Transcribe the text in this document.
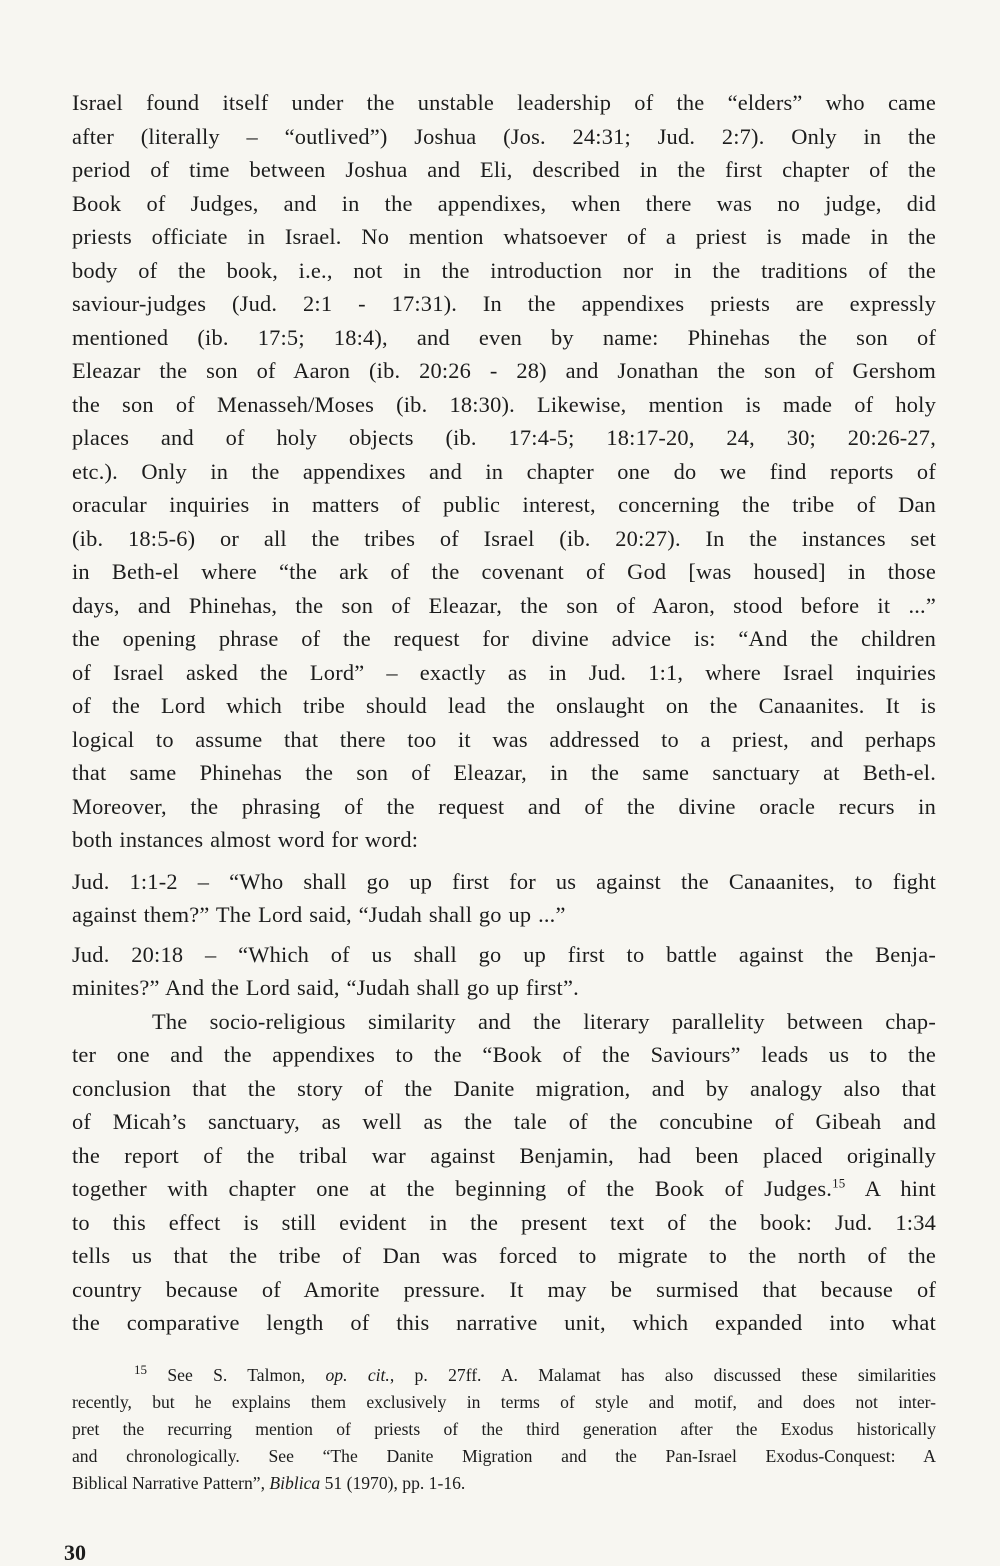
Israel found itself under the unstable leadership of the “elders” who came

after (literally – “outlived”) Joshua (Jos. 24:31; Jud. 2:7). Only in the

period of time between Joshua and Eli, described in the first chapter of the

Book of Judges, and in the appendixes, when there was no judge, did

priests officiate in Israel. No mention whatsoever of a priest is made in the

body of the book, i.e., not in the introduction nor in the traditions of the

saviour-judges (Jud. 2:1 - 17:31). In the appendixes priests are expressly

mentioned (ib. 17:5; 18:4), and even by name: Phinehas the son of

Eleazar the son of Aaron (ib. 20:26 - 28) and Jonathan the son of Gershom

the son of Menasseh/Moses (ib. 18:30). Likewise, mention is made of holy

places and of holy objects (ib. 17:4-5; 18:17-20, 24, 30; 20:26-27,

etc.). Only in the appendixes and in chapter one do we find reports of

oracular inquiries in matters of public interest, concerning the tribe of Dan

(ib. 18:5-6) or all the tribes of Israel (ib. 20:27). In the instances set

in Beth-el where “the ark of the covenant of God [was housed] in those

days, and Phinehas, the son of Eleazar, the son of Aaron, stood before it ...”

the opening phrase of the request for divine advice is: “And the children

of Israel asked the Lord” – exactly as in Jud. 1:1, where Israel inquiries

of the Lord which tribe should lead the onslaught on the Canaanites. It is

logical to assume that there too it was addressed to a priest, and perhaps

that same Phinehas the son of Eleazar, in the same sanctuary at Beth-el.

Moreover, the phrasing of the request and of the divine oracle recurs in

both instances almost word for word:

Jud. 1:1-2 – “Who shall go up first for us against the Canaanites, to fight

against them?” The Lord said, “Judah shall go up ...”

Jud. 20:18 – “Which of us shall go up first to battle against the Benja-

minites?” And the Lord said, “Judah shall go up first”.

The socio-religious similarity and the literary parallelity between chap-

ter one and the appendixes to the “Book of the Saviours” leads us to the

conclusion that the story of the Danite migration, and by analogy also that

of Micah’s sanctuary, as well as the tale of the concubine of Gibeah and

the report of the tribal war against Benjamin, had been placed originally

together with chapter one at the beginning of the Book of Judges.$^{15}$ A hint

to this effect is still evident in the present text of the book: Jud. 1:34

tells us that the tribe of Dan was forced to migrate to the north of the

country because of Amorite pressure. It may be surmised that because of

the comparative length of this narrative unit, which expanded into what

$^{15}$ See S. Talmon, op. cit., p. 27ff. A. Malamat has also discussed these similarities
recently, but he explains them exclusively in terms of style and motif, and does not inter-
pret the recurring mention of priests of the third generation after the Exodus historically
and chronologically. See “The Danite Migration and the Pan-Israel Exodus-Conquest: A
Biblical Narrative Pattern”, Biblica 51 (1970), pp. 1-16.

30
